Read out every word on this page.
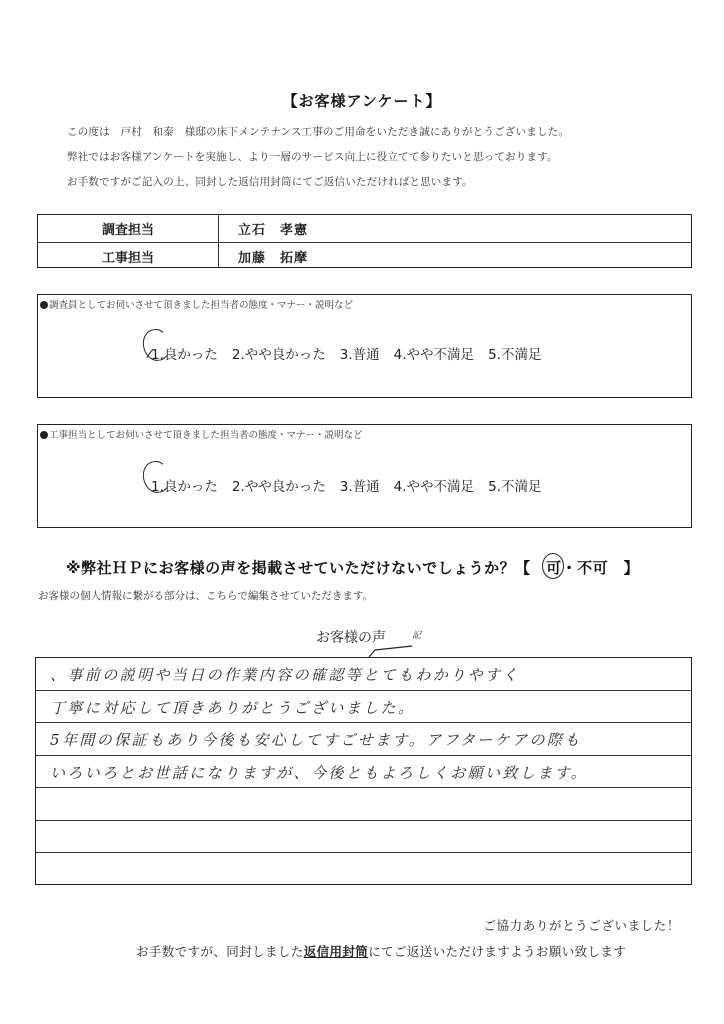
【お客様アンケート】
この度は　戸村　和泰　様邸の床下メンテナンス工事のご用命をいただき誠にありがとうございました。
弊社ではお客様アンケートを実施し、より一層のサービス向上に役立てて参りたいと思っております。
お手数ですがご記入の上、同封した返信用封筒にてご返信いただければと思います。
調査担当	立石 孝憲
工事担当	加藤 拓摩
調査員としてお伺いさせて頂きました担当者の態度・マナー・説明など
1.良かった 2.やや良かった 3.普通 4.やや不満足 5.不満足
工事担当としてお伺いさせて頂きました担当者の態度・マナー・説明など
1.良かった 2.やや良かった 3.普通 4.やや不満足 5.不満足
※弊社ＨＰにお客様の声を掲載させていただけないでしょうか？【　
可・不可　】
お客様の個人情報に繋がる部分は、こちらで編集させていただきます。
お客様の声	記
、事前の説明や当日の作業内容の確認等とてもわかりやすく
丁寧に対応して頂きありがとうございました。
5年間の保証もあり今後も安心してすごせます。アフターケアの際も
いろいろとお世話になりますが、今後ともよろしくお願い致します。
ご協力ありがとうございました！
お手数ですが、同封しました返信用封筒にてご返送いただけますようお願い致します
